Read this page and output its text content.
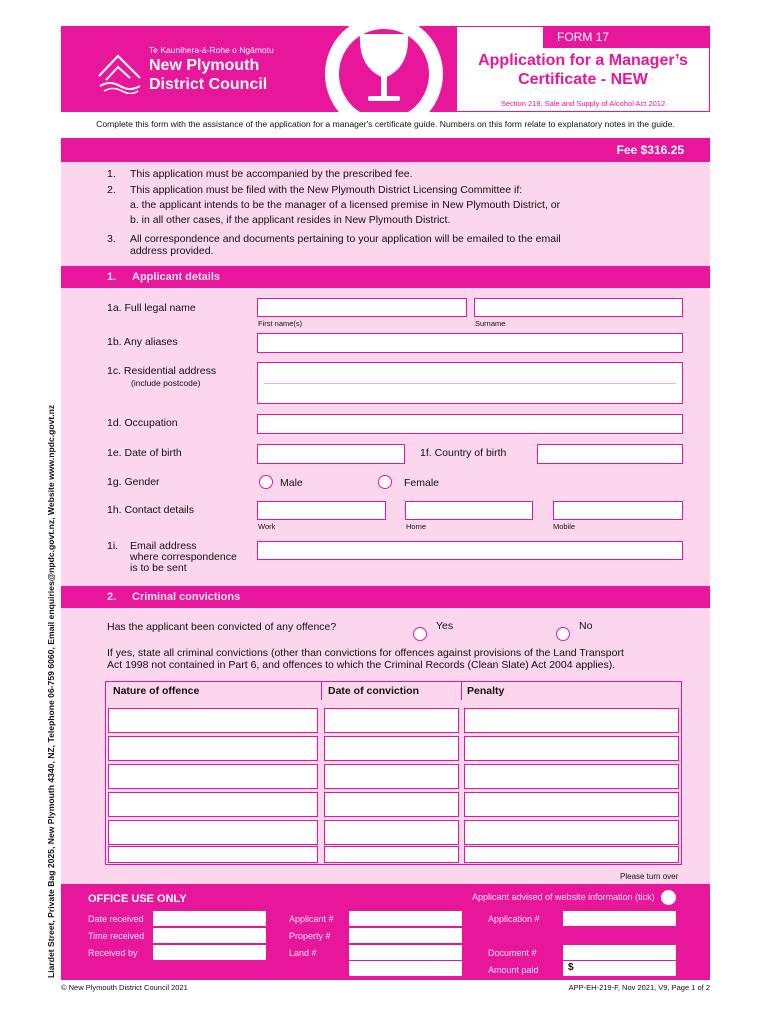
Te Kaunihera-ā-Rohe o Ngāmotu
New Plymouth
District Council
FORM 17
Application for a Manager’s
Certificate - NEW
Section 219, Sale and Supply of Alcohol Act 2012
Complete this form with the assistance of the application for a manager's certificate guide. Numbers on this form relate to explanatory notes in the guide.
Fee $316.25
1. This application must be accompanied by the prescribed fee.
2. This application must be filed with the New Plymouth District Licensing Committee if:
a. the applicant intends to be the manager of a licensed premise in New Plymouth District, or
b. in all other cases, if the applicant resides in New Plymouth District.
3. All correspondence and documents pertaining to your application will be emailed to the email
address provided.
1. Applicant details
1a. Full legal name
First name(s)	Surname
1b. Any aliases
1c. Residential address
(include postcode)
1d. Occupation
1e. Date of birth	1f. Country of birth
1g. Gender	Male	Female
1h. Contact details
Work	Home	Mobile
1i. Email address
where correspondence
is to be sent
2. Criminal convictions
Has the applicant been convicted of any offence?	Yes	No
If yes, state all criminal convictions (other than convictions for offences against provisions of the Land Transport
Act 1998 not contained in Part 6, and offences to which the Criminal Records (Clean Slate) Act 2004 applies).
Nature of offence	Date of conviction	Penalty
Please turn over
OFFICE USE ONLY	Applicant advised of website information (tick)
Date received
Time received
Received by
Applicant #
Property #
Land #
Application #
Document #
Amount paid	$
Liardet Street, Private Bag 2025, New Plymouth 4340, NZ, Telephone 06-759 6060, Email enquiries@npdc.govt.nz, Website www.npdc.govt.nz
© New Plymouth District Council 2021	APP-EH-219-F, Nov 2021, V9, Page 1 of 2
